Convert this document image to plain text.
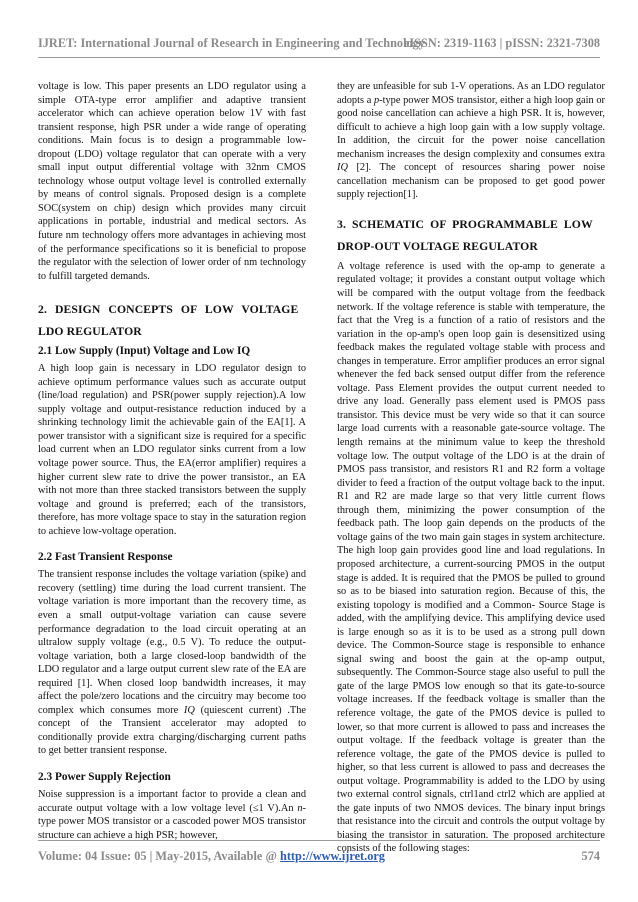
IJRET: International Journal of Research in Engineering and Technology
eISSN: 2319-1163 | pISSN: 2321-7308

voltage is low. This paper presents an LDO regulator using a simple OTA-type error amplifier and adaptive transient accelerator which can achieve operation below 1V with fast transient response, high PSR under a wide range of operating conditions. Main focus is to design a programmable low-dropout (LDO) voltage regulator that can operate with a very small input output differential voltage with 32nm CMOS technology whose output voltage level is controlled externally by means of control signals. Proposed design is a complete SOC(system on chip) design which provides many circuit applications in portable, industrial and medical sectors. As future nm technology offers more advantages in achieving most of the performance specifications so it is beneficial to propose the regulator with the selection of lower order of nm technology to fulfill targeted demands.

2. DESIGN CONCEPTS OF LOW VOLTAGE
LDO REGULATOR
2.1 Low Supply (Input) Voltage and Low IQ

A high loop gain is necessary in LDO regulator design to achieve optimum performance values such as accurate output (line/load regulation) and PSR(power supply rejection).A low supply voltage and output-resistance reduction induced by a shrinking technology limit the achievable gain of the EA[1]. A power transistor with a significant size is required for a specific load current when an LDO regulator sinks current from a low voltage power source. Thus, the EA(error amplifier) requires a higher current slew rate to drive the power transistor., an EA with not more than three stacked transistors between the supply voltage and ground is preferred; each of the transistors, therefore, has more voltage space to stay in the saturation region to achieve low-voltage operation.

2.2 Fast Transient Response

The transient response includes the voltage variation (spike) and recovery (settling) time during the load current transient. The voltage variation is more important than the recovery time, as even a small output-voltage variation can cause severe performance degradation to the load circuit operating at an ultralow supply voltage (e.g., 0.5 V). To reduce the output-voltage variation, both a large closed-loop bandwidth of the LDO regulator and a large output current slew rate of the EA are required [1]. When closed loop bandwidth increases, it may affect the pole/zero locations and the circuitry may become too complex which consumes more IQ (quiescent current) .The concept of the Transient accelerator may adopted to conditionally provide extra charging/discharging current paths to get better transient response.

2.3 Power Supply Rejection

Noise suppression is a important factor to provide a clean and accurate output voltage with a low voltage level (≤1 V).An n-type power MOS transistor or a cascoded power MOS transistor structure can achieve a high PSR; however,

they are unfeasible for sub 1-V operations. As an LDO regulator adopts a p-type power MOS transistor, either a high loop gain or good noise cancellation can achieve a high PSR. It is, however, difficult to achieve a high loop gain with a low supply voltage. In addition, the circuit for the power noise cancellation mechanism increases the design complexity and consumes extra IQ [2]. The concept of resources sharing power noise cancellation mechanism can be proposed to get good power supply rejection[1].

3. SCHEMATIC OF PROGRAMMABLE LOW
DROP-OUT VOLTAGE REGULATOR

A voltage reference is used with the op-amp to generate a regulated voltage; it provides a constant output voltage which will be compared with the output voltage from the feedback network. If the voltage reference is stable with temperature, the fact that the Vreg is a function of a ratio of resistors and the variation in the op-amp's open loop gain is desensitized using feedback makes the regulated voltage stable with process and changes in temperature. Error amplifier produces an error signal whenever the fed back sensed output differ from the reference voltage. Pass Element provides the output current needed to drive any load. Generally pass element used is PMOS pass transistor. This device must be very wide so that it can source large load currents with a reasonable gate-source voltage. The length remains at the minimum value to keep the threshold voltage low. The output voltage of the LDO is at the drain of PMOS pass transistor, and resistors R1 and R2 form a voltage divider to feed a fraction of the output voltage back to the input. R1 and R2 are made large so that very little current flows through them, minimizing the power consumption of the feedback path. The loop gain depends on the products of the voltage gains of the two main gain stages in system architecture. The high loop gain provides good line and load regulations. In proposed architecture, a current-sourcing PMOS in the output stage is added. It is required that the PMOS be pulled to ground so as to be biased into saturation region. Because of this, the existing topology is modified and a Common- Source Stage is added, with the amplifying device. This amplifying device used is large enough so as it is to be used as a strong pull down device. The Common-Source stage is responsible to enhance signal swing and boost the gain at the op-amp output, subsequently. The Common-Source stage also useful to pull the gate of the large PMOS low enough so that its gate-to-source voltage increases. If the feedback voltage is smaller than the reference voltage, the gate of the PMOS device is pulled to lower, so that more current is allowed to pass and increases the output voltage. If the feedback voltage is greater than the reference voltage, the gate of the PMOS device is pulled to higher, so that less current is allowed to pass and decreases the output voltage. Programmability is added to the LDO by using two external control signals, ctrl1and ctrl2 which are applied at the gate inputs of two NMOS devices. The binary input brings that resistance into the circuit and controls the output voltage by biasing the transistor in saturation. The proposed architecture consists of the following stages:

Volume: 04 Issue: 05 | May-2015, Available @ http://www.ijret.org	574
